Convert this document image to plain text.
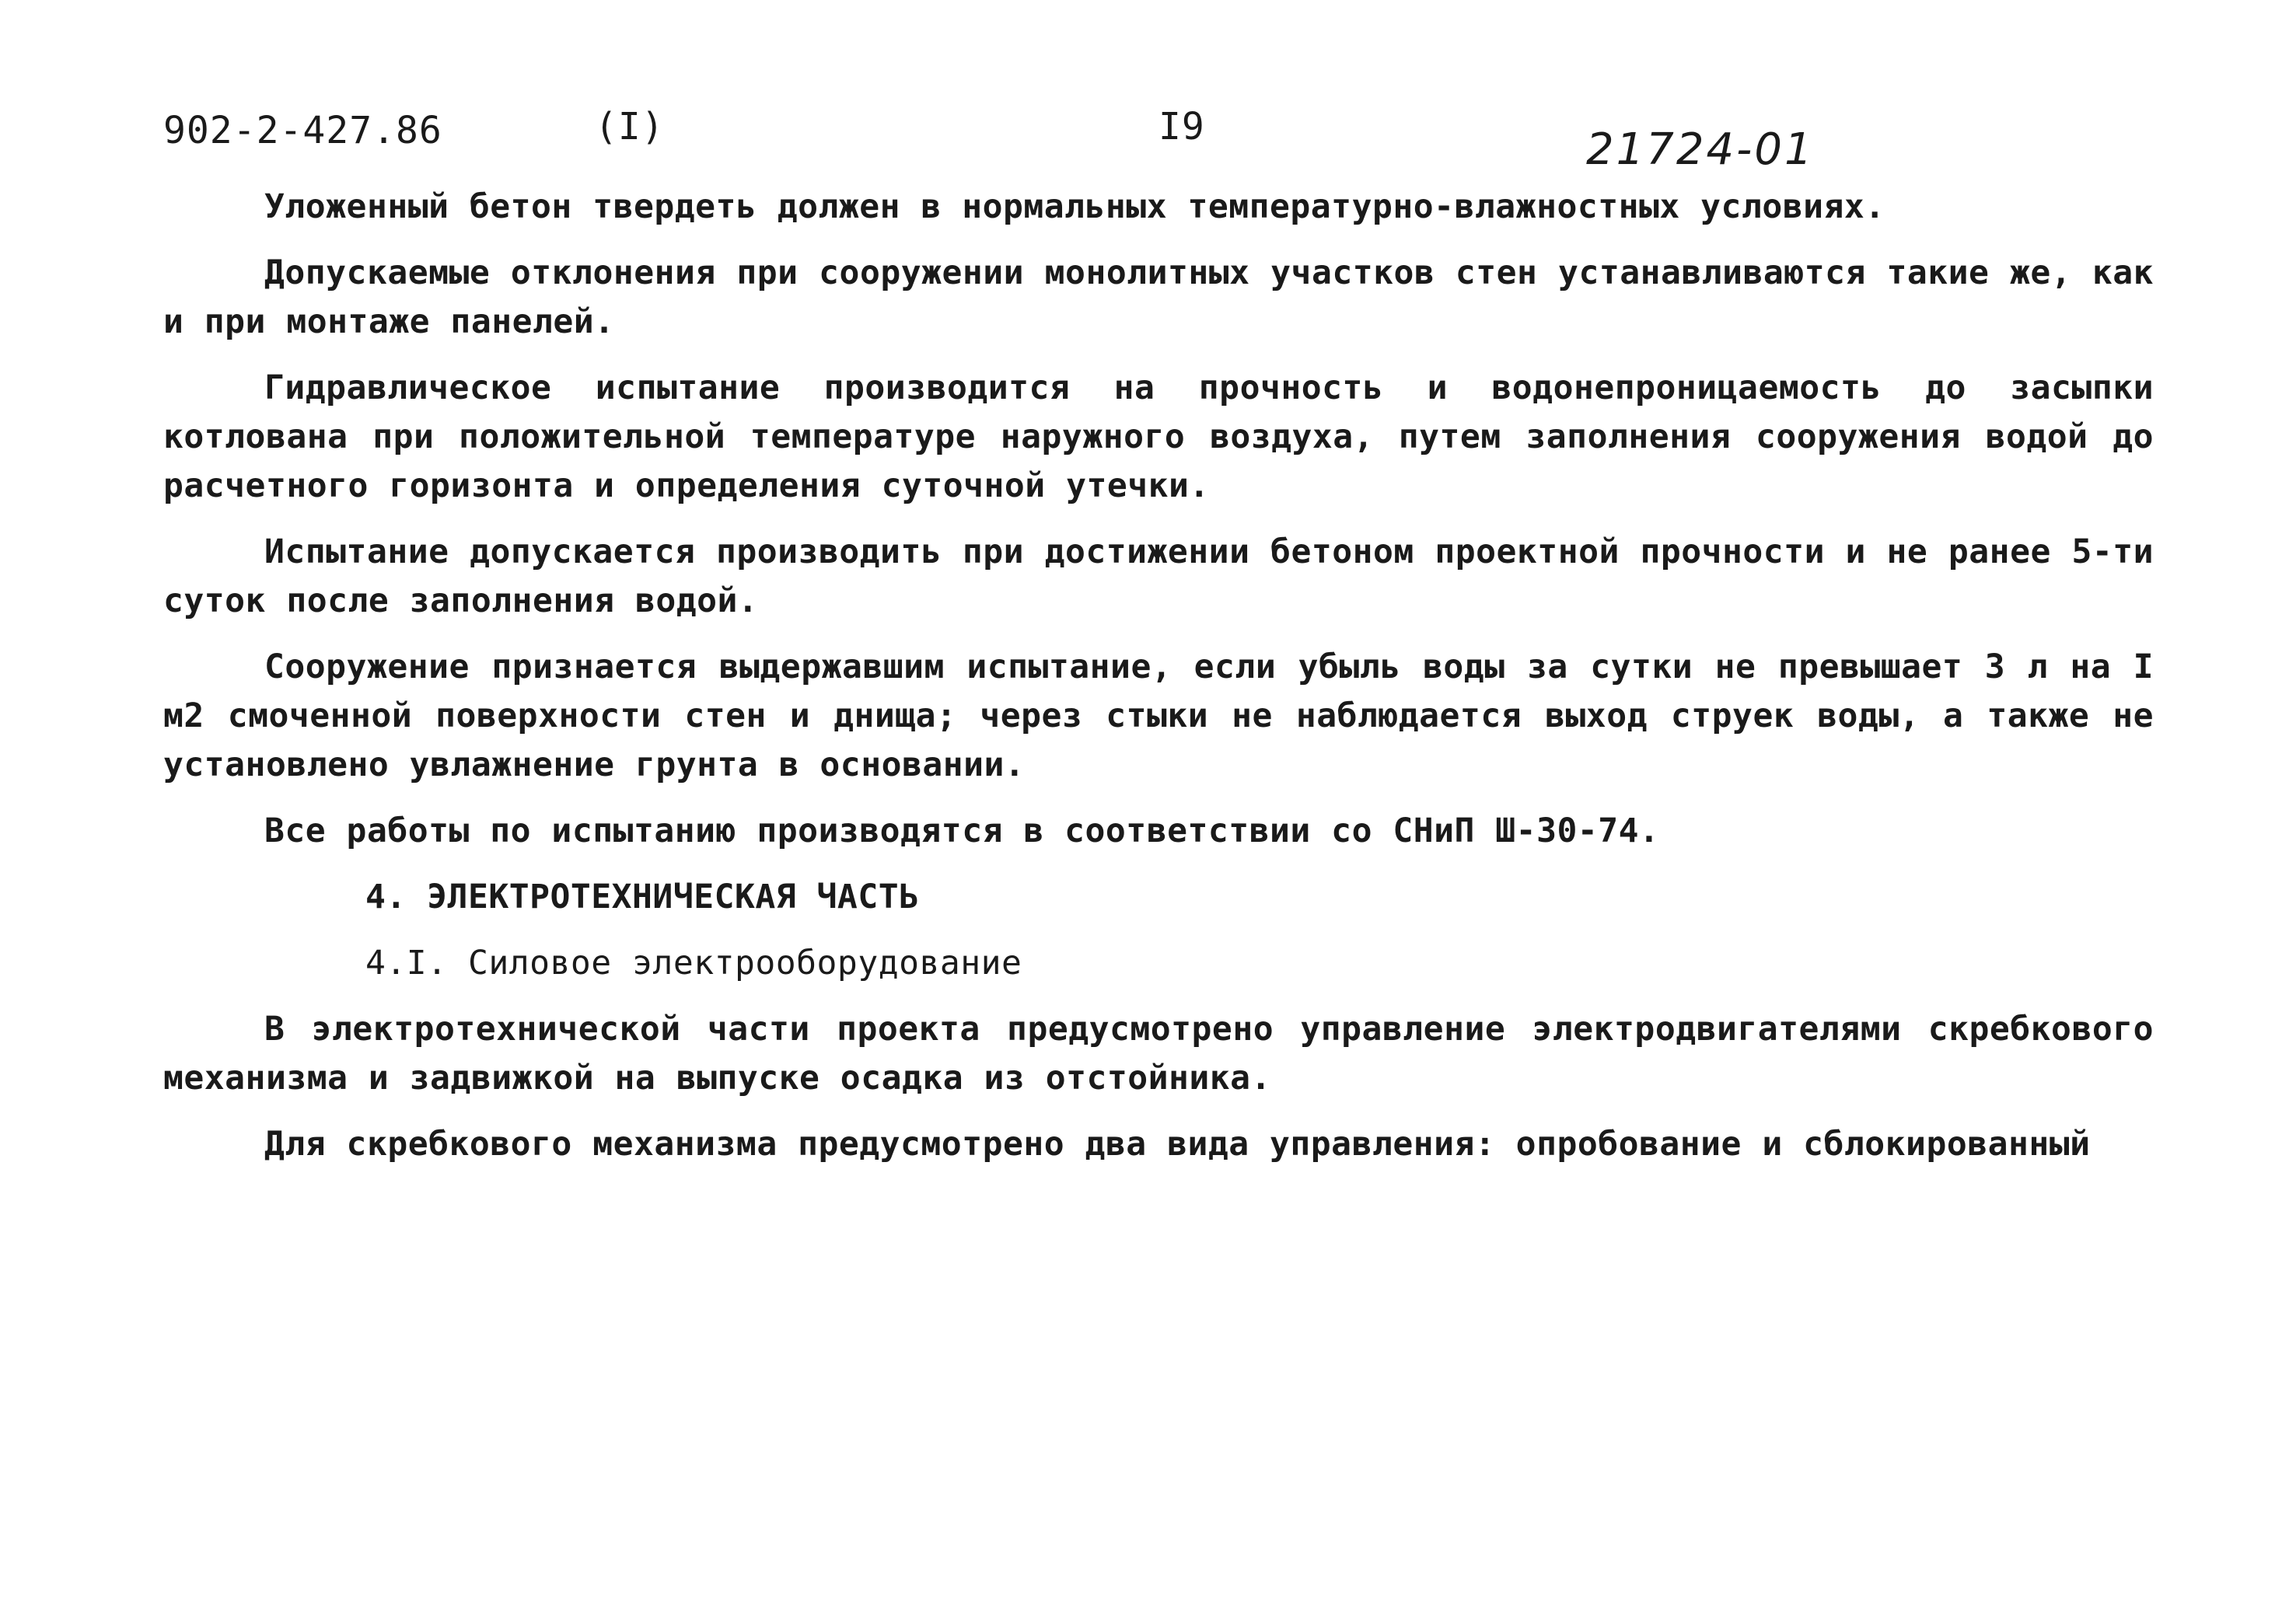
902-2-427.86	(I)	I9	21724-01

Уложенный бетон твердеть должен в нормальных температурно-влажностных условиях.

Допускаемые отклонения при сооружении монолитных участков стен устанавливаются такие же, как и при монтаже панелей.

Гидравлическое испытание производится на прочность и водонепроницаемость до засыпки котлована при положительной температуре наружного воздуха, путем заполнения сооружения водой до расчетного горизонта и определения суточной утечки.

Испытание допускается производить при достижении бетоном проектной прочности и не ранее 5-ти суток после заполнения водой.

Сооружение признается выдержавшим испытание, если убыль воды за сутки не превышает 3 л на I м2 смоченной поверхности стен и днища; через стыки не наблюдается выход струек воды, а также не установлено увлажнение грунта в основании.

Все работы по испытанию производятся в соответствии со СНиП Ш-30-74.

4. ЭЛЕКТРОТЕХНИЧЕСКАЯ ЧАСТЬ

4.I. Силовое электрооборудование

В электротехнической части проекта предусмотрено управление электродвигателями скребкового механизма и задвижкой на выпуске осадка из отстойника.

Для скребкового механизма предусмотрено два вида управления: опробование и сблокированный
